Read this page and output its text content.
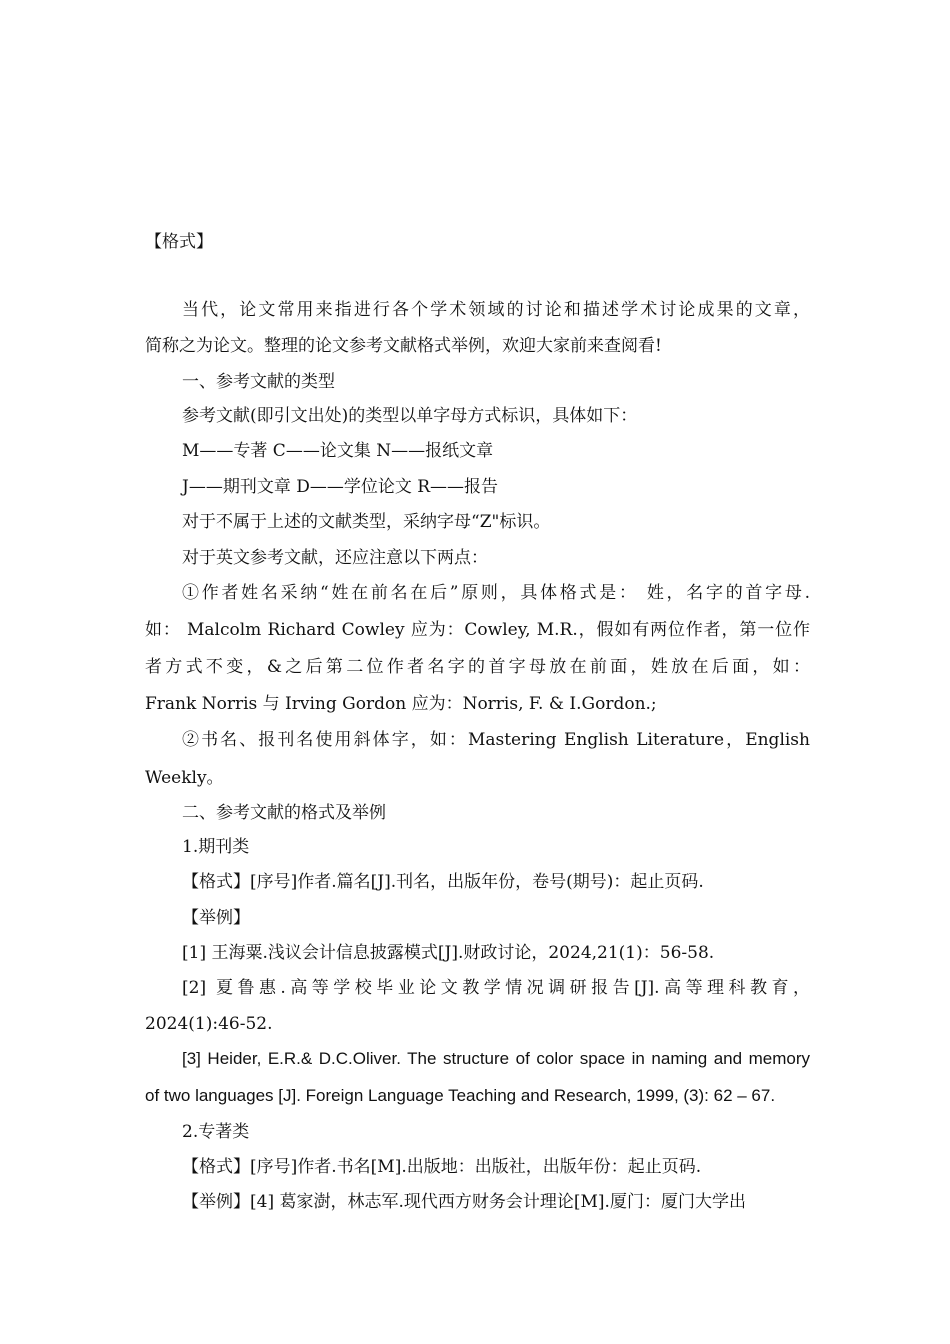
【格式】
当代，论文常用来指进行各个学术领域的讨论和描述学术讨论成果的文章，
简称之为论文。整理的论文参考文献格式举例，欢迎大家前来查阅看!
一、参考文献的类型
参考文献(即引文出处)的类型以单字母方式标识，具体如下：
M——专著 C——论文集 N——报纸文章
J——期刊文章 D——学位论文 R——报告
对于不属于上述的文献类型，采纳字母“Z"标识。
对于英文参考文献，还应注意以下两点：
①作者姓名采纳“姓在前名在后”原则，具体格式是： 姓，名字的首字母.
如： Malcolm Richard Cowley 应为：Cowley, M.R.，假如有两位作者，第一位作
者方式不变，&之后第二位作者名字的首字母放在前面，姓放在后面，如：
Frank Norris 与 Irving Gordon 应为：Norris, F. & I.Gordon.;
②书名、报刊名使用斜体字，如：Mastering English Literature，English
Weekly。
二、参考文献的格式及举例
1.期刊类
【格式】[序号]作者.篇名[J].刊名，出版年份，卷号(期号)：起止页码.
【举例】
[1] 王海粟.浅议会计信息披露模式[J].财政讨论，2024,21(1)：56-58.
[2] 夏鲁惠.高等学校毕业论文教学情况调研报告[J].高等理科教育，
2024(1):46-52.
[3] Heider, E.R.& D.C.Oliver. The structure of color space in naming and memory
of two languages [J]. Foreign Language Teaching and Research, 1999, (3): 62 – 67.
2.专著类
【格式】[序号]作者.书名[M].出版地：出版社，出版年份：起止页码.
【举例】[4] 葛家澍，林志军.现代西方财务会计理论[M].厦门：厦门大学出
